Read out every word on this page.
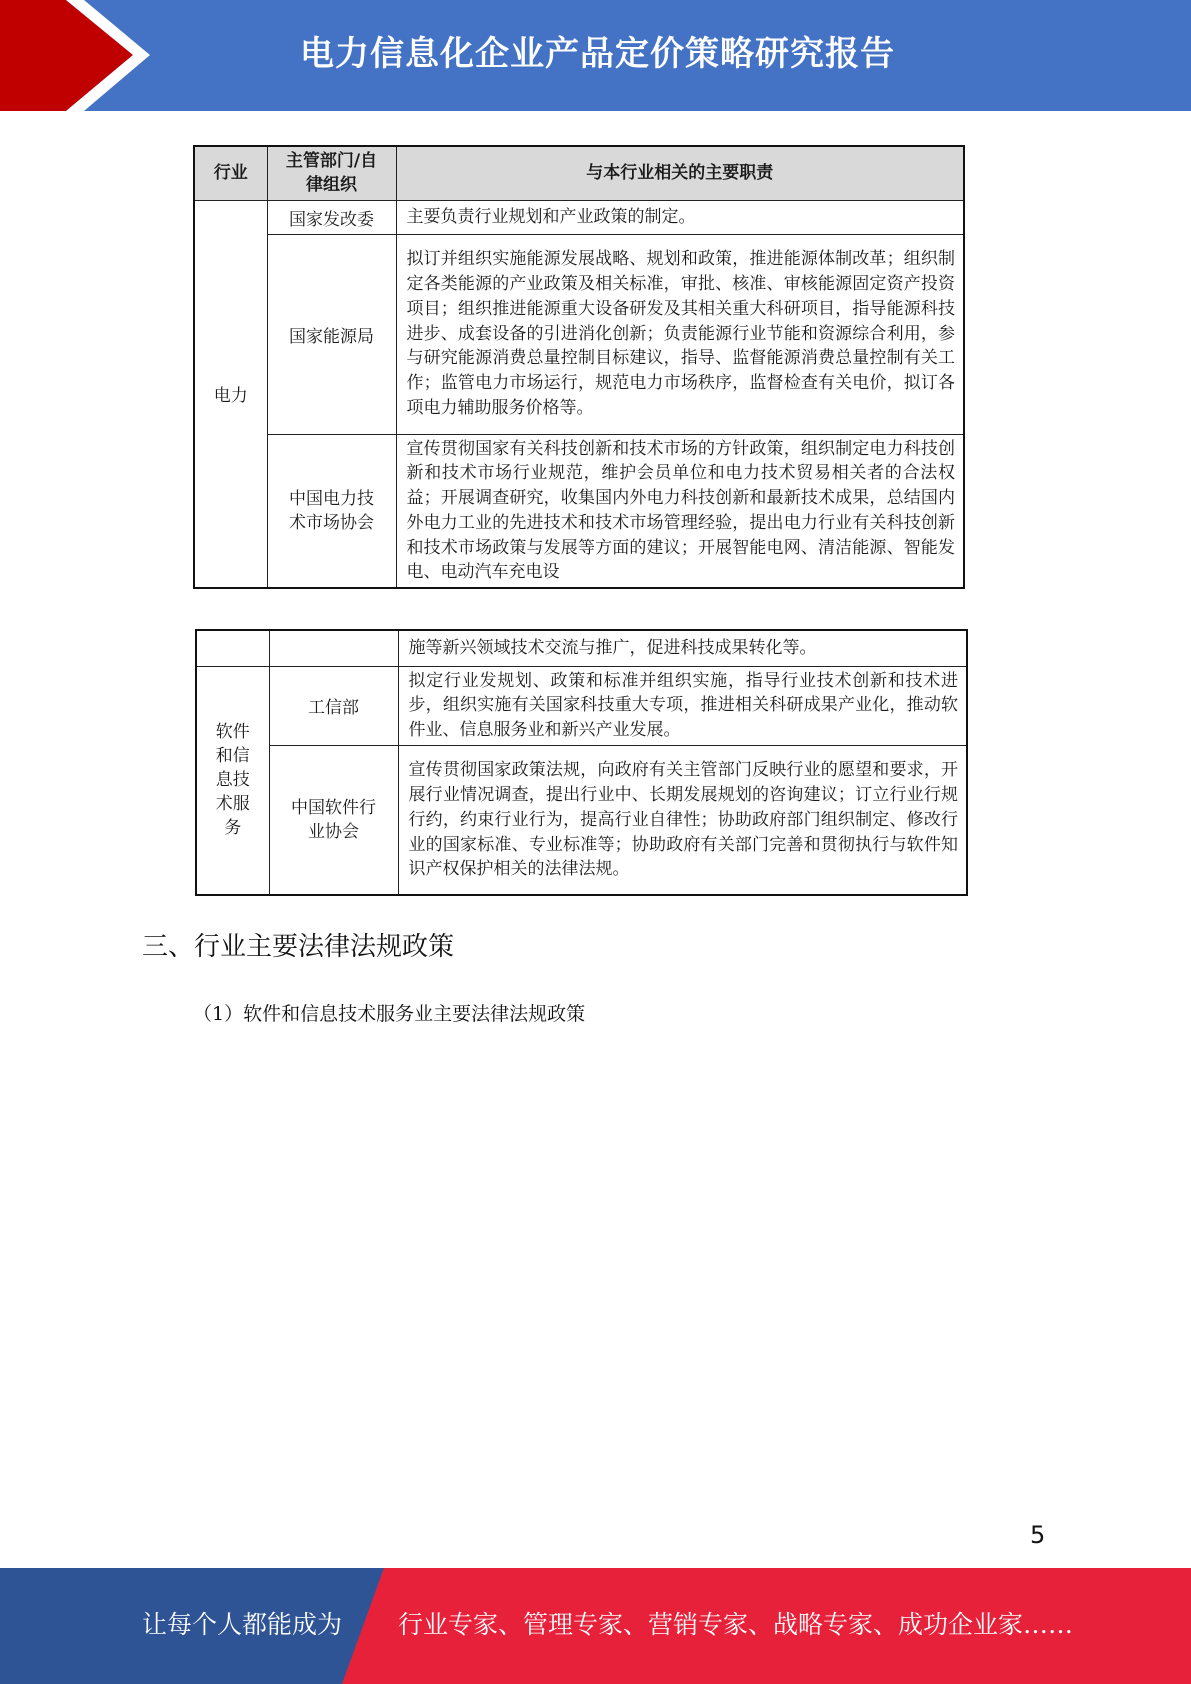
电力信息化企业产品定价策略研究报告
行业	主管部门/自律组织	与本行业相关的主要职责
电力	国家发改委	主要负责行业规划和产业政策的制定。
	国家能源局	拟订并组织实施能源发展战略、规划和政策，推进能源体制改革；组织制定各类能源的产业政策及相关标准，审批、核准、审核能源固定资产投资项目；组织推进能源重大设备研发及其相关重大科研项目，指导能源科技进步、成套设备的引进消化创新；负责能源行业节能和资源综合利用，参与研究能源消费总量控制目标建议，指导、监督能源消费总量控制有关工作；监管电力市场运行，规范电力市场秩序，监督检查有关电价，拟订各项电力辅助服务价格等。

	中国电力技术市场协会	宣传贯彻国家有关科技创新和技术市场的方针政策，组织制定电力科技创新和技术市场行业规范，维护会员单位和电力技术贸易相关者的合法权益；开展调查研究，收集国内外电力科技创新和最新技术成果，总结国内外电力工业的先进技术和技术市场管理经验，提出电力行业有关科技创新和技术市场政策与发展等方面的建议；开展智能电网、清洁能源、智能发电、电动汽车充电设
		施等新兴领域技术交流与推广，促进科技成果转化等。

软件和信息技术服务	工信部	拟定行业发规划、政策和标准并组织实施，指导行业技术创新和技术进步，组织实施有关国家科技重大专项，推进相关科研成果产业化，推动软件业、信息服务业和新兴产业发展。

	中国软件行业协会	宣传贯彻国家政策法规，向政府有关主管部门反映行业的愿望和要求，开展行业情况调查，提出行业中、长期发展规划的咨询建议；订立行业行规行约，约束行业行为，提高行业自律性；协助政府部门组织制定、修改行业的国家标准、专业标准等；协助政府有关部门完善和贯彻执行与软件知识产权保护相关的法律法规。
三、行业主要法律法规政策
（1）软件和信息技术服务业主要法律法规政策
5
让每个人都能成为 行业专家、管理专家、营销专家、战略专家、成功企业家……
